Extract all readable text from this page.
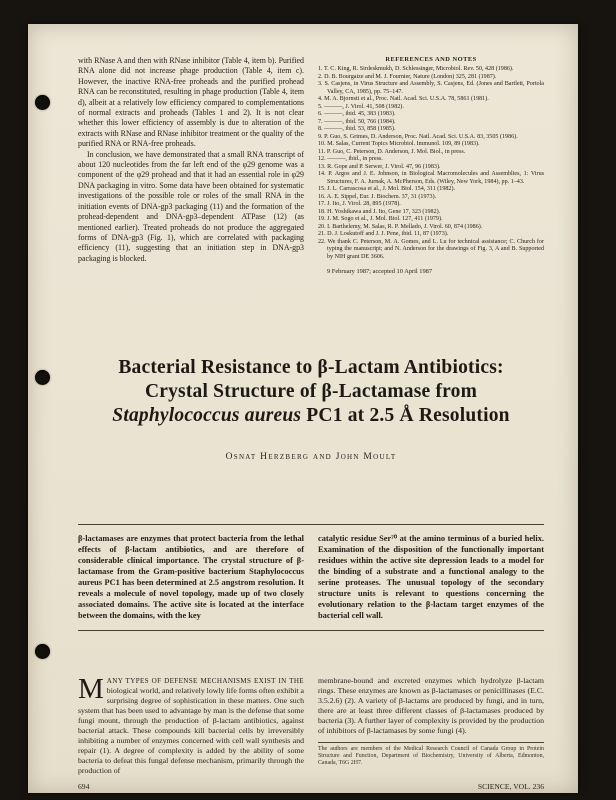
with RNase A and then with RNase inhibitor (Table 4, item b). Purified RNA alone did not increase phage production (Table 4, item c). However, the inactive RNA-free proheads and the purified prohead RNA can be reconstituted, resulting in phage production (Table 4, item d), albeit at a relatively low efficiency compared to complementations of normal extracts and proheads (Tables 1 and 2). It is not clear whether this lower efficiency of assembly is due to alteration of the extracts with RNase and RNase inhibitor treatment or the quality of the purified RNA or RNA-free proheads.

In conclusion, we have demonstrated that a small RNA transcript of about 120 nucleotides from the far left end of the φ29 genome was a component of the φ29 prohead and that it had an essential role in φ29 DNA packaging in vitro. Some data have been obtained for systematic investigations of the possible role or roles of the small RNA in the initiation events of DNA-gp3 packaging (11) and the formation of the prohead-dependent and DNA-gp3–dependent ATPase (12) (as mentioned earlier). Treated proheads do not produce the aggregated forms of DNA-gp3 (Fig. 1), which are correlated with packaging efficiency (11), suggesting that an initiation step in DNA-gp3 packaging is blocked.

REFERENCES AND NOTES
1. T. C. King, R. Sirdeskmukh, D. Schlessinger, Microbiol. Rev. 50, 428 (1986).
2. D. B. Bourgaize and M. J. Fournier, Nature (London) 325, 281 (1987).
3. S. Casjens, in Virus Structure and Assembly, S. Casjens, Ed. (Jones and Bartlett, Portola Valley, CA, 1985), pp. 75–147.
4. M. A. Bjornsti et al., Proc. Natl. Acad. Sci. U.S.A. 78, 5861 (1981).
5. ———, J. Virol. 41, 508 (1982).
6. ———, ibid. 45, 383 (1983).
7. ———, ibid. 50, 766 (1984).
8. ———, ibid. 53, 858 (1985).
9. P. Guo, S. Grimes, D. Anderson, Proc. Natl. Acad. Sci. U.S.A. 83, 3505 (1986).
10. M. Salas, Current Topics Microbiol. Immunol. 109, 89 (1983).
11. P. Guo, C. Peterson, D. Anderson, J. Mol. Biol., in press.
12. ———, ibid., in press.
13. R. Gope and P. Serwer, J. Virol. 47, 96 (1983).
14. P. Argos and J. E. Johnson, in Biological Macromolecules and Assemblies, 1: Virus Structures, F. A. Jurnak, A. McPherson, Eds. (Wiley, New York, 1984), pp. 1–43.
15. J. L. Carrascosa et al., J. Mol. Biol. 154, 311 (1982).
16. A. E. Sippel, Eur. J. Biochem. 37, 31 (1973).
17. J. Ito, J. Virol. 28, 895 (1978).
18. H. Yoshikawa and J. Ito, Gene 17, 323 (1982).
19. J. M. Sogo et al., J. Mol. Biol. 127, 411 (1979).
20. I. Barthelemy, M. Salas, R. P. Mellado, J. Virol. 60, 874 (1986).
21. D. J. Loskutoff and J. J. Pene, ibid. 11, 87 (1973).
22. We thank C. Peterson, M. A. Gomes, and L. Lu for technical assistance; C. Church for typing the manuscript; and N. Anderson for the drawings of Fig. 3, A and B. Supported by NIH grant DE 3606.
9 February 1987; accepted 10 April 1987
Bacterial Resistance to β-Lactam Antibiotics:
Crystal Structure of β-Lactamase from
Staphylococcus aureus PC1 at 2.5 Å Resolution
Osnat Herzberg and John Moult

β-lactamases are enzymes that protect bacteria from the lethal effects of β-lactam antibiotics, and are therefore of considerable clinical importance. The crystal structure of β-lactamase from the Gram-positive bacterium Staphylococcus aureus PC1 has been determined at 2.5 angstrom resolution. It reveals a molecule of novel topology, made up of two closely associated domains. The active site is located at the interface between the domains, with the key

catalytic residue Ser⁷⁰ at the amino terminus of a buried helix. Examination of the disposition of the functionally important residues within the active site depression leads to a model for the binding of a substrate and a functional analogy to the serine proteases. The unusual topology of the secondary structure units is relevant to questions concerning the evolutionary relation to the β-lactam target enzymes of the bacterial cell wall.

MANY TYPES OF DEFENSE MECHANISMS EXIST IN THE biological world, and relatively lowly life forms often exhibit a surprising degree of sophistication in these matters. One such system that has been used to advantage by man is the defense that some fungi mount, through the production of β-lactam antibiotics, against bacterial attack. These compounds kill bacterial cells by irreversibly inhibiting a number of enzymes concerned with cell wall synthesis and repair (1). A degree of complexity is added by the ability of some bacteria to defeat this fungal defense mechanism, primarily through the production of

membrane-bound and excreted enzymes which hydrolyze β-lactam rings. These enzymes are known as β-lactamases or penicillinases (E.C. 3.5.2.6) (2). A variety of β-lactams are produced by fungi, and in turn, there are at least three different classes of β-lactamases produced by bacteria (3). A further layer of complexity is provided by the production of inhibitors of β-lactamases by some fungi (4).

The authors are members of the Medical Research Council of Canada Group in Protein Structure and Function, Department of Biochemistry, University of Alberta, Edmonton, Canada, T6G 2H7.

694	SCIENCE, VOL. 236
